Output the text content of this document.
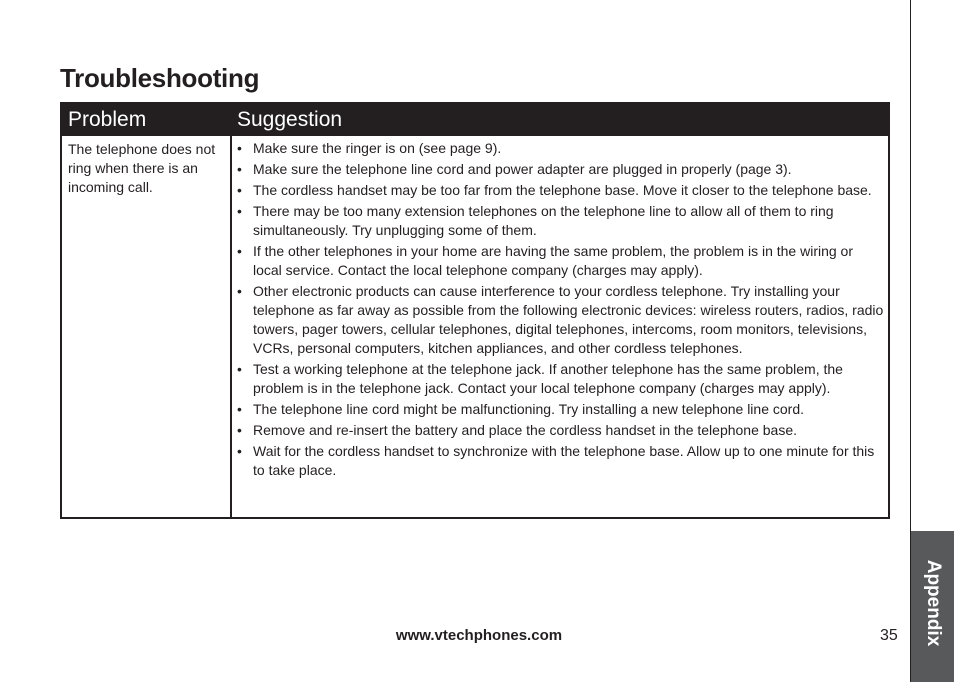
Appendix
Troubleshooting
Problem	Suggestion
The telephone does not ring when there is an incoming call.
• Make sure the ringer is on (see page 9).
• Make sure the telephone line cord and power adapter are plugged in properly (page 3).
• The cordless handset may be too far from the telephone base. Move it closer to the telephone base.
• There may be too many extension telephones on the telephone line to allow all of them to ring simultaneously. Try unplugging some of them.
• If the other telephones in your home are having the same problem, the problem is in the wiring or local service. Contact the local telephone company (charges may apply).
• Other electronic products can cause interference to your cordless telephone. Try installing your telephone as far away as possible from the following electronic devices: wireless routers, radios, radio towers, pager towers, cellular telephones, digital telephones, intercoms, room monitors, televisions, VCRs, personal computers, kitchen appliances, and other cordless telephones.
• Test a working telephone at the telephone jack. If another telephone has the same problem, the problem is in the telephone jack. Contact your local telephone company (charges may apply).
• The telephone line cord might be malfunctioning. Try installing a new telephone line cord.
• Remove and re-insert the battery and place the cordless handset in the telephone base.
• Wait for the cordless handset to synchronize with the telephone base. Allow up to one minute for this to take place.
www.vtechphones.com	35
